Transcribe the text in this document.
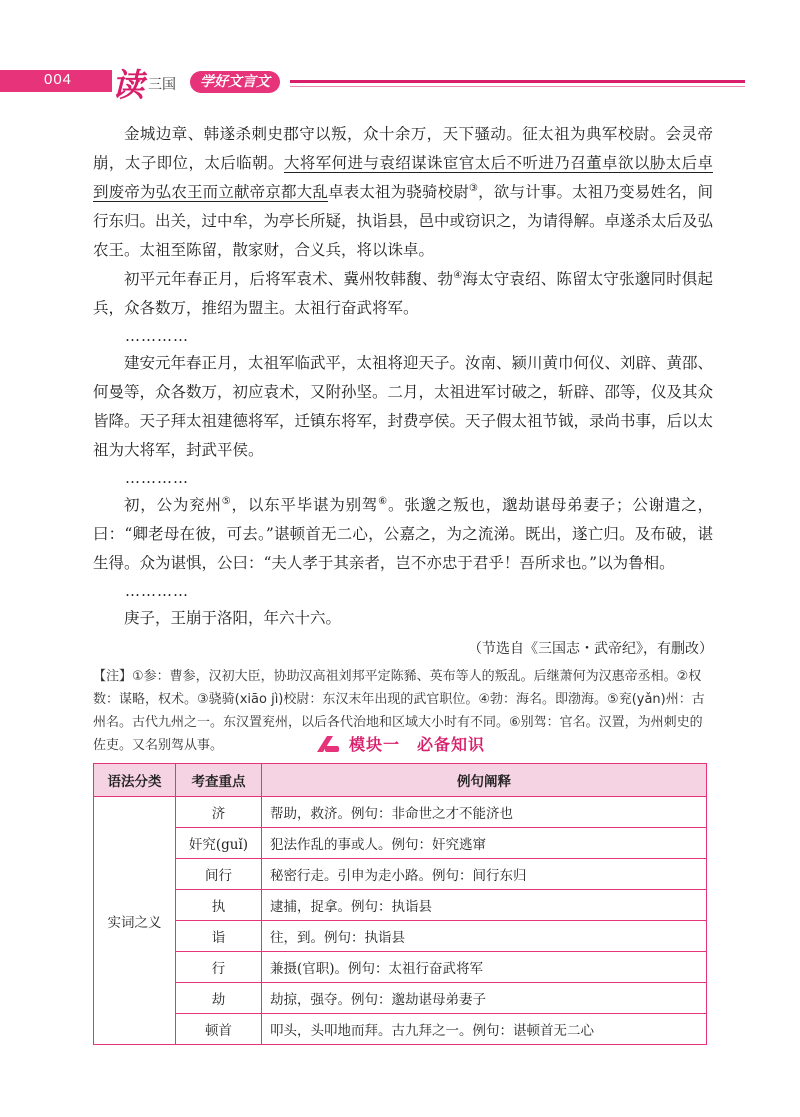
004 读 三国	学好文言文

金城边章、韩遂杀刺史郡守以叛，众十余万，天下骚动。征太祖为典军校尉。会灵帝崩，太子即位，太后临朝。大将军何进与袁绍谋诛宦官太后不听进乃召董卓欲以胁太后卓到废帝为弘农王而立献帝京都大乱卓表太祖为骁骑校尉③，欲与计事。太祖乃变易姓名，间行东归。出关，过中牟，为亭长所疑，执诣县，邑中或窃识之，为请得解。卓遂杀太后及弘农王。太祖至陈留，散家财，合义兵，将以诛卓。

初平元年春正月，后将军袁术、冀州牧韩馥、勃④海太守袁绍、陈留太守张邈同时俱起兵，众各数万，推绍为盟主。太祖行奋武将军。

…………

建安元年春正月，太祖军临武平，太祖将迎天子。汝南、颍川黄巾何仪、刘辟、黄邵、何曼等，众各数万，初应袁术，又附孙坚。二月，太祖进军讨破之，斩辟、邵等，仪及其众皆降。天子拜太祖建德将军，迁镇东将军，封费亭侯。天子假太祖节钺，录尚书事，后以太祖为大将军，封武平侯。

…………

初，公为兖州⑤，以东平毕谌为别驾⑥。张邈之叛也，邈劫谌母弟妻子；公谢遣之，曰：“卿老母在彼，可去。”谌顿首无二心，公嘉之，为之流涕。既出，遂亡归。及布破，谌生得。众为谌惧，公曰：“夫人孝于其亲者，岂不亦忠于君乎！吾所求也。”以为鲁相。

…………

庚子，王崩于洛阳，年六十六。

（节选自《三国志・武帝纪》，有删改）

【注】①参：曹参，汉初大臣，协助汉高祖刘邦平定陈豨、英布等人的叛乱。后继萧何为汉惠帝丞相。②权数：谋略，权术。③骁骑(xiāo jì)校尉：东汉末年出现的武官职位。④勃：海名。即渤海。⑤兖(yǎn)州：古州名。古代九州之一。东汉置兖州，以后各代治地和区域大小时有不同。⑥别驾：官名。汉置，为州刺史的佐吏。又名别驾从事。	模块一　必备知识
语法分类	考查重点	例句阐释
实词之义	济	帮助，救济。例句：非命世之才不能济也
	奸究(guǐ)	犯法作乱的事或人。例句：奸究逃窜
	间行	秘密行走。引申为走小路。例句：间行东归
	执	逮捕，捉拿。例句：执诣县
	诣	往，到。例句：执诣县
	行	兼摄(官职)。例句：太祖行奋武将军
	劫	劫掠，强夺。例句：邈劫谌母弟妻子
	顿首	叩头，头叩地而拜。古九拜之一。例句：谌顿首无二心
